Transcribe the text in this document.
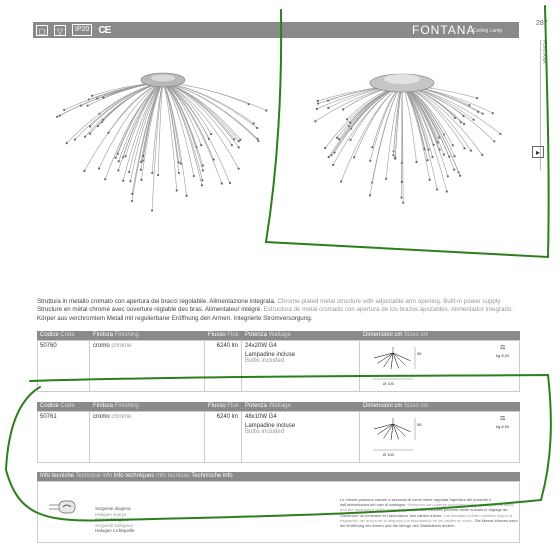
▢	▽	IP20 CE	FONTANA
Ceiling Lamp
287
FONTANA
▸
Struttura in metallo cromato con apertura dei bracci regolabile. Alimentazione integrata. Chrome-plated metal structure with adjustable arm opening. Built-in power supply. Structure en métal chromé avec ouverture réglable des bras. Alimentateur intégré. Estructura de metal cromado con apertura de los brazos ajustables. Alimentador integrado. Körper aus verchromtem Metall mit regulierbarer Eröffnung den Armen. Integrierte Stromversorgung.
Codice Code	Finitura Finishing	Flusso Flux	Potenza Wattage	Dimensioni cm Sizes cm
50760	cromo chrome	6240 lm	24x20W G4
Lampadine incluse
Bulbs included
55
Ø 100
⚖
kg 8,20
Codice Code	Finitura Finishing	Flusso Flux	Potenza Wattage	Dimensioni cm Sizes cm
50761	cromo chrome	6240 lm	48x10W G4
Lampadine incluse
Bulbs included
55
Ø 100
⚖
kg 8,90
Info tecniche Technical info Info techniques Info tecnicas Technische info
Sorgente alogena
Halogen source
Source halogène
Surgente halógena
Halogen Lichtquelle
Le misure possono variare a seconda di come viene regolata l'apertura del prodotto e dall'abbondanza dei cavi di sostegno. Measures can change according to the opening of the fitting and the abundance of the supporting cables. Les mesures peuvent varier suivant le réglage de l'ouverture du luminaire et l'abondance des câbles d'acier. Las medidas pueden cambiar según la regulación del ancho de la lámpara y la abundancia de los cables en acero. Die Masse können nach der Eröffnung der Armen und die Menge des Stahlkabeln ändern.
